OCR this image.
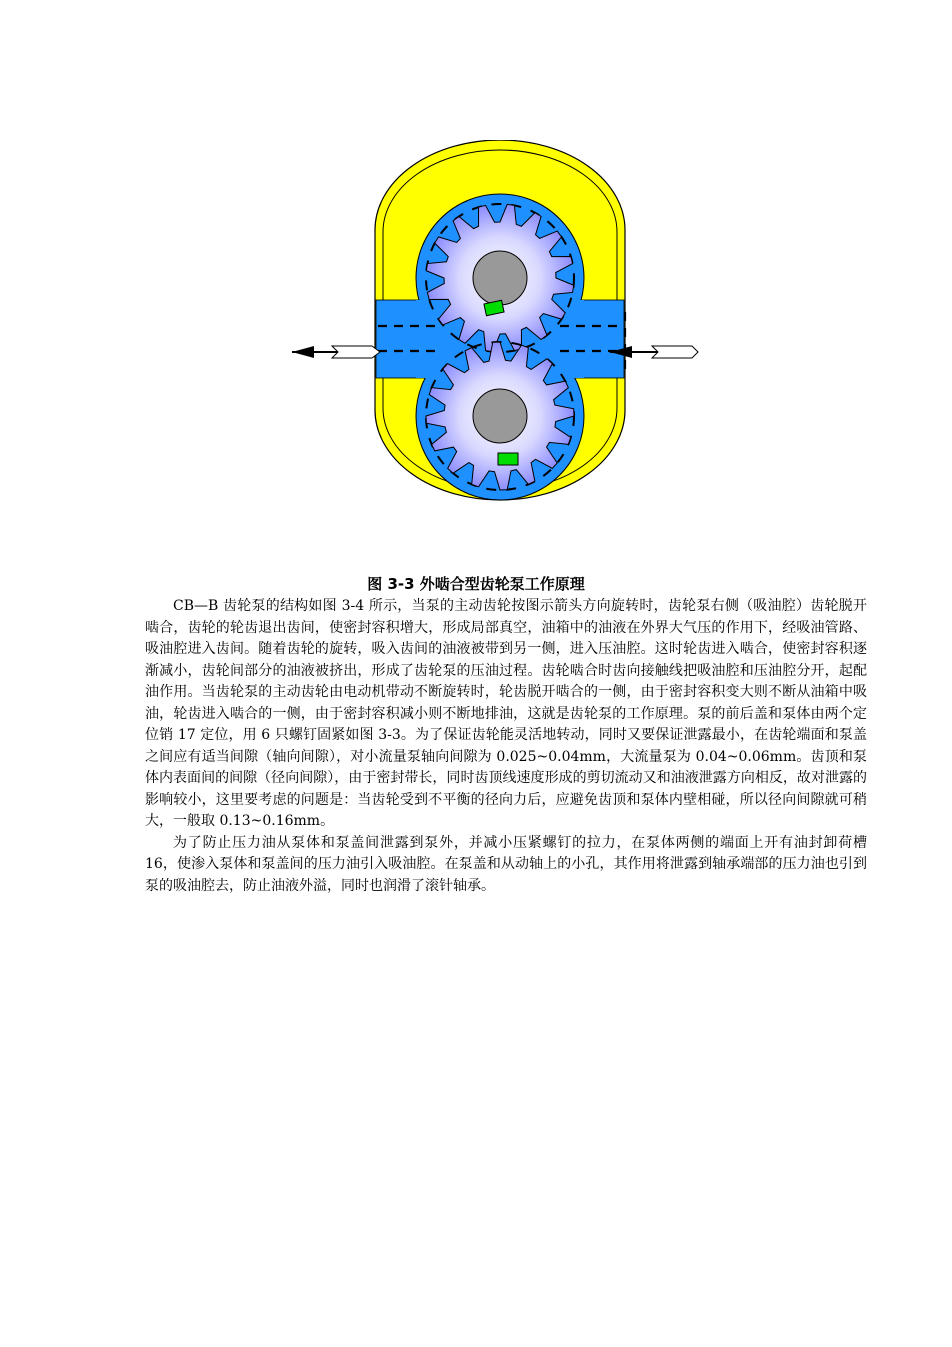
图 3-3 外啮合型齿轮泵工作原理

CB—B 齿轮泵的结构如图 3-4 所示，当泵的主动齿轮按图示箭头方向旋转时，齿轮泵右侧（吸油腔）齿轮脱开啮合，齿轮的轮齿退出齿间，使密封容积增大，形成局部真空，油箱中的油液在外界大气压的作用下，经吸油管路、吸油腔进入齿间。随着齿轮的旋转，吸入齿间的油液被带到另一侧，进入压油腔。这时轮齿进入啮合，使密封容积逐渐减小，齿轮间部分的油液被挤出，形成了齿轮泵的压油过程。齿轮啮合时齿向接触线把吸油腔和压油腔分开，起配油作用。当齿轮泵的主动齿轮由电动机带动不断旋转时，轮齿脱开啮合的一侧，由于密封容积变大则不断从油箱中吸油，轮齿进入啮合的一侧，由于密封容积减小则不断地排油，这就是齿轮泵的工作原理。泵的前后盖和泵体由两个定位销 17 定位，用 6 只螺钉固紧如图 3-3。为了保证齿轮能灵活地转动，同时又要保证泄露最小，在齿轮端面和泵盖之间应有适当间隙（轴向间隙），对小流量泵轴向间隙为 0.025~0.04mm，大流量泵为 0.04~0.06mm。齿顶和泵体内表面间的间隙（径向间隙），由于密封带长，同时齿顶线速度形成的剪切流动又和油液泄露方向相反，故对泄露的影响较小，这里要考虑的问题是：当齿轮受到不平衡的径向力后，应避免齿顶和泵体内壁相碰，所以径向间隙就可稍大，一般取 0.13~0.16mm。

为了防止压力油从泵体和泵盖间泄露到泵外，并减小压紧螺钉的拉力，在泵体两侧的端面上开有油封卸荷槽 16，使渗入泵体和泵盖间的压力油引入吸油腔。在泵盖和从动轴上的小孔，其作用将泄露到轴承端部的压力油也引到泵的吸油腔去，防止油液外溢，同时也润滑了滚针轴承。
